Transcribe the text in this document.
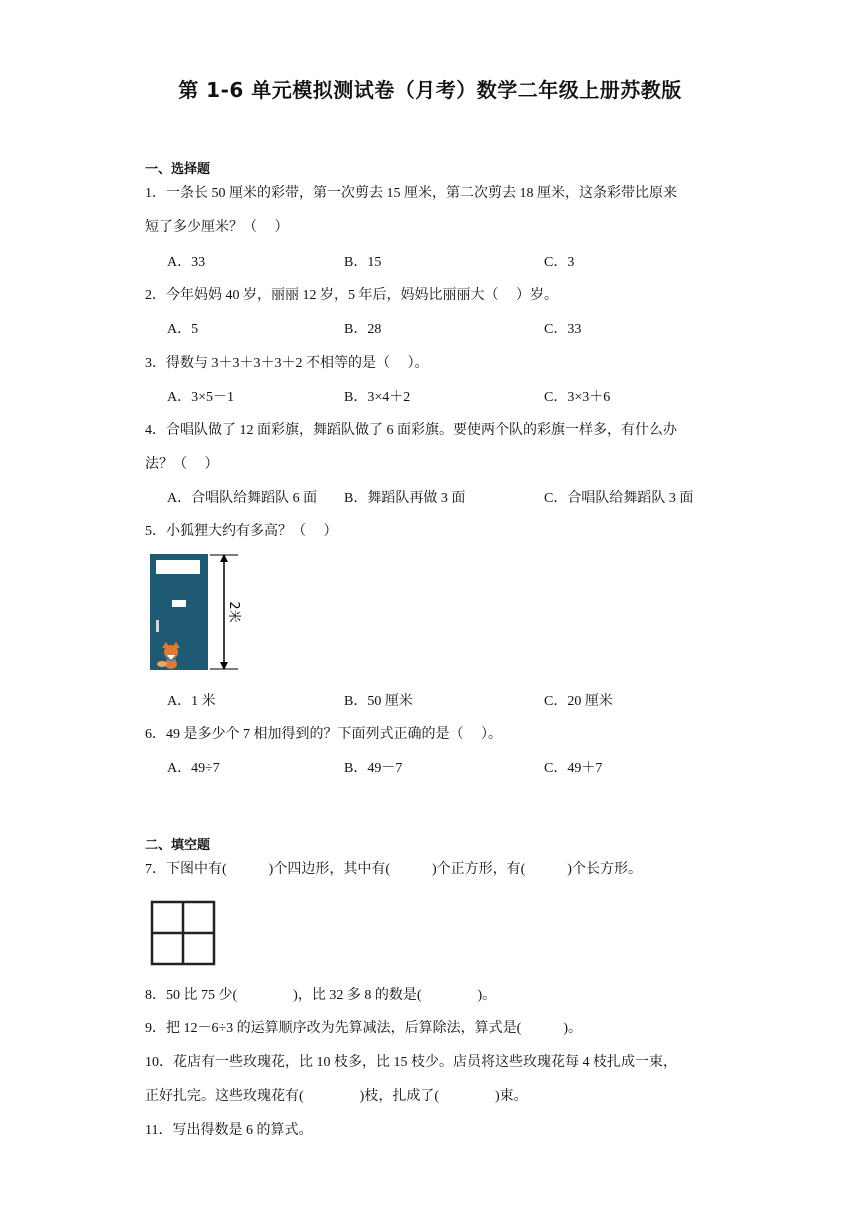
第 1-6 单元模拟测试卷（月考）数学二年级上册苏教版
一、选择题
1．一条长 50 厘米的彩带，第一次剪去 15 厘米，第二次剪去 18 厘米，这条彩带比原来
短了多少厘米？（　 ）
A．33	B．15	C．3
2．今年妈妈 40 岁，丽丽 12 岁，5 年后，妈妈比丽丽大（　 ）岁。
A．5	B．28	C．33
3．得数与 3＋3＋3＋3＋2 不相等的是（　 ）。
A．3×5－1	B．3×4＋2	C．3×3＋6
4．合唱队做了 12 面彩旗，舞蹈队做了 6 面彩旗。要使两个队的彩旗一样多，有什么办
法？（　 ）
A．合唱队给舞蹈队 6 面 B．舞蹈队再做 3 面	C．合唱队给舞蹈队 3 面
5．小狐狸大约有多高？（　 ）
2米
A．1 米	B．50 厘米	C．20 厘米
6．49 是多少个 7 相加得到的？下面列式正确的是（　 ）。
A．49÷7	B．49－7	C．49＋7
二、填空题
7．下图中有(　　　)个四边形，其中有(　　　)个正方形，有(　　　)个长方形。
8．50 比 75 少(　　　　)，比 32 多 8 的数是(　　　　)。
9．把 12－6÷3 的运算顺序改为先算减法，后算除法，算式是(　　　)。
10．花店有一些玫瑰花，比 10 枝多，比 15 枝少。店员将这些玫瑰花每 4 枝扎成一束，
正好扎完。这些玫瑰花有(　　　　)枝，扎成了(　　　　)束。
11．写出得数是 6 的算式。
